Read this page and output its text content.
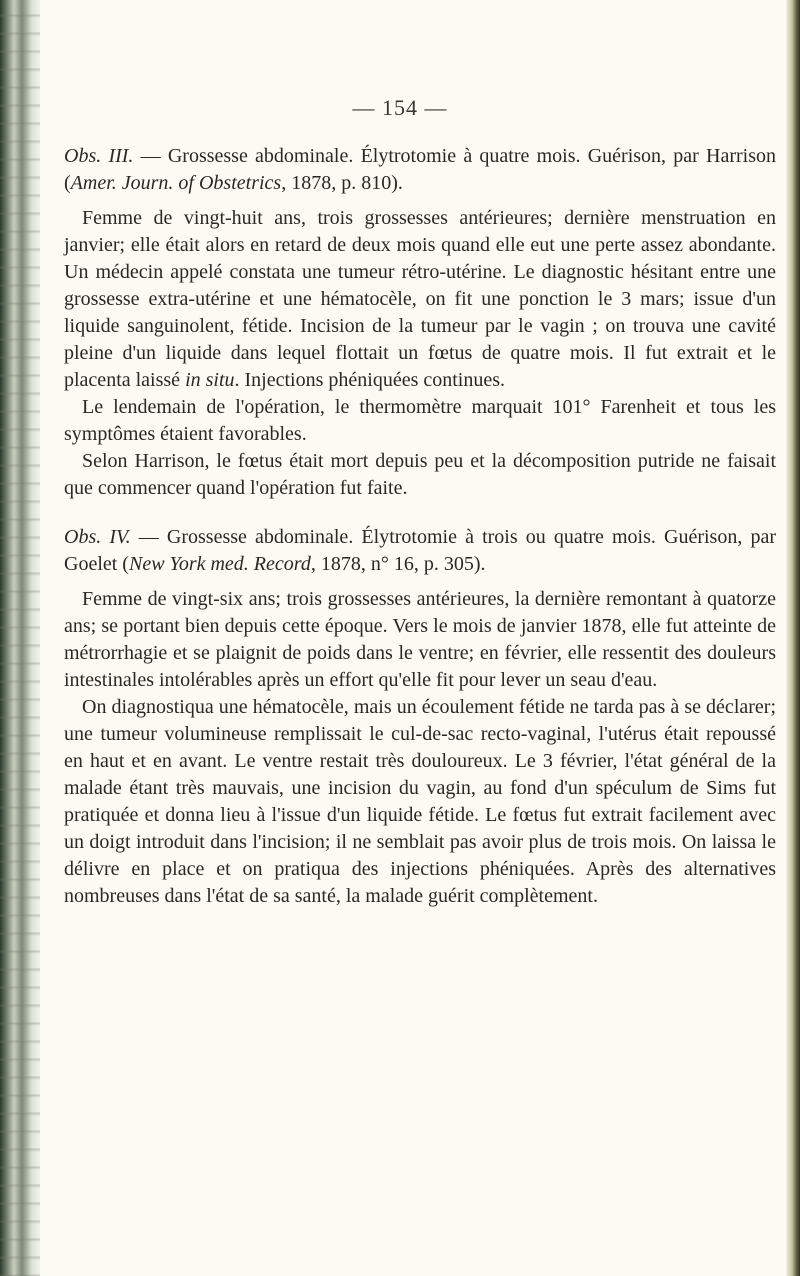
— 154 —
Obs. III. — Grossesse abdominale. Élytrotomie à quatre mois. Guérison, par Harrison (Amer. Journ. of Obstetrics, 1878, p. 810).

Femme de vingt-huit ans, trois grossesses antérieures; dernière menstruation en janvier; elle était alors en retard de deux mois quand elle eut une perte assez abondante. Un médecin appelé constata une tumeur rétro-utérine. Le diagnostic hésitant entre une grossesse extra-utérine et une hématocèle, on fit une ponction le 3 mars; issue d'un liquide sanguinolent, fétide. Incision de la tumeur par le vagin ; on trouva une cavité pleine d'un liquide dans lequel flottait un fœtus de quatre mois. Il fut extrait et le placenta laissé in situ. Injections phéniquées continues.

Le lendemain de l'opération, le thermomètre marquait 101° Farenheit et tous les symptômes étaient favorables.

Selon Harrison, le fœtus était mort depuis peu et la décomposition putride ne faisait que commencer quand l'opération fut faite.

Obs. IV. — Grossesse abdominale. Élytrotomie à trois ou quatre mois. Guérison, par Goelet (New York med. Record, 1878, n° 16, p. 305).

Femme de vingt-six ans; trois grossesses antérieures, la dernière remontant à quatorze ans; se portant bien depuis cette époque. Vers le mois de janvier 1878, elle fut atteinte de métrorrhagie et se plaignit de poids dans le ventre; en février, elle ressentit des douleurs intestinales intolérables après un effort qu'elle fit pour lever un seau d'eau.

On diagnostiqua une hématocèle, mais un écoulement fétide ne tarda pas à se déclarer; une tumeur volumineuse remplissait le cul-de-sac recto-vaginal, l'utérus était repoussé en haut et en avant. Le ventre restait très douloureux. Le 3 février, l'état général de la malade étant très mauvais, une incision du vagin, au fond d'un spéculum de Sims fut pratiquée et donna lieu à l'issue d'un liquide fétide. Le fœtus fut extrait facilement avec un doigt introduit dans l'incision; il ne semblait pas avoir plus de trois mois. On laissa le délivre en place et on pratiqua des injections phéniquées. Après des alternatives nombreuses dans l'état de sa santé, la malade guérit complètement.
